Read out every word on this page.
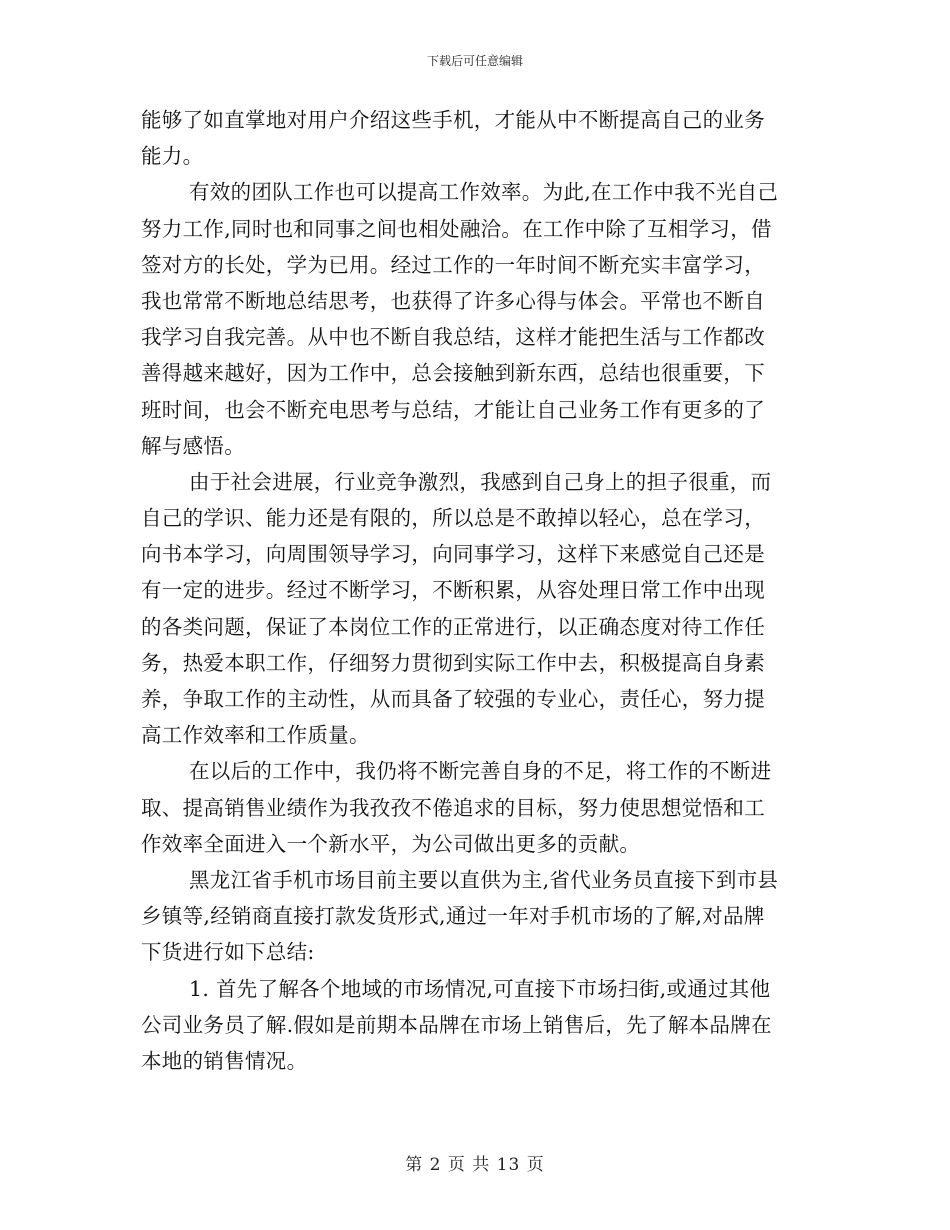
下载后可任意编辑
能够了如直掌地对用户介绍这些手机，才能从中不断提高自己的业务
能力。
有效的团队工作也可以提高工作效率。为此,在工作中我不光自己
努力工作,同时也和同事之间也相处融洽。在工作中除了互相学习，借
签对方的长处，学为已用。经过工作的一年时间不断充实丰富学习，
我也常常不断地总结思考，也获得了许多心得与体会。平常也不断自
我学习自我完善。从中也不断自我总结，这样才能把生活与工作都改
善得越来越好，因为工作中，总会接触到新东西，总结也很重要，下
班时间，也会不断充电思考与总结，才能让自己业务工作有更多的了
解与感悟。
由于社会进展，行业竞争激烈，我感到自己身上的担子很重，而
自己的学识、能力还是有限的，所以总是不敢掉以轻心，总在学习，
向书本学习，向周围领导学习，向同事学习，这样下来感觉自己还是
有一定的进步。经过不断学习，不断积累，从容处理日常工作中出现
的各类问题，保证了本岗位工作的正常进行，以正确态度对待工作任
务，热爱本职工作，仔细努力贯彻到实际工作中去，积极提高自身素
养，争取工作的主动性，从而具备了较强的专业心，责任心，努力提
高工作效率和工作质量。
在以后的工作中，我仍将不断完善自身的不足，将工作的不断进
取、提高销售业绩作为我孜孜不倦追求的目标，努力使思想觉悟和工
作效率全面进入一个新水平，为公司做出更多的贡献。
黑龙江省手机市场目前主要以直供为主,省代业务员直接下到市县
乡镇等,经销商直接打款发货形式,通过一年对手机市场的了解,对品牌
下货进行如下总结:
1. 首先了解各个地域的市场情况,可直接下市场扫街,或通过其他
公司业务员了解.假如是前期本品牌在市场上销售后，先了解本品牌在
本地的销售情况。
第 2 页 共 13 页
